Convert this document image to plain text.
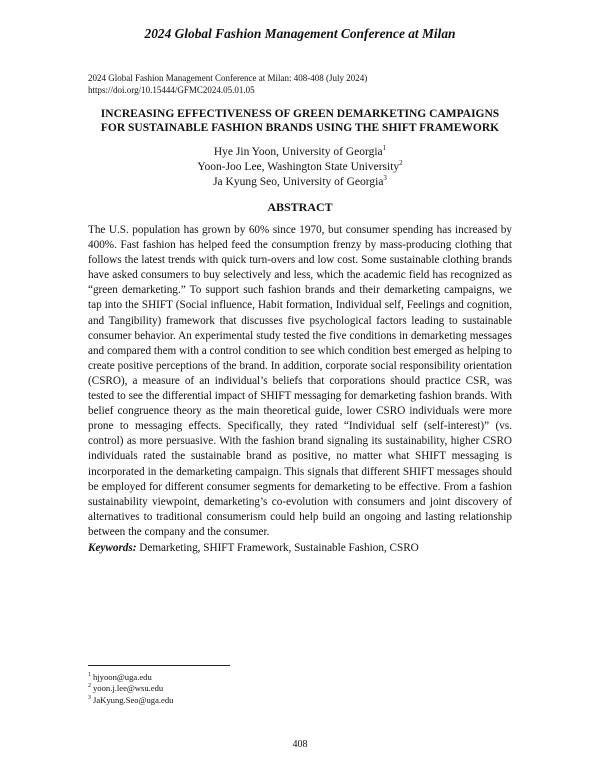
2024 Global Fashion Management Conference at Milan
2024 Global Fashion Management Conference at Milan: 408-408 (July 2024)
https://doi.org/10.15444/GFMC2024.05.01.05
INCREASING EFFECTIVENESS OF GREEN DEMARKETING CAMPAIGNS
FOR SUSTAINABLE FASHION BRANDS USING THE SHIFT FRAMEWORK
Hye Jin Yoon, University of Georgia$^1$
Yoon-Joo Lee, Washington State University$^2$
Ja Kyung Seo, University of Georgia$^3$
ABSTRACT
The U.S. population has grown by 60% since 1970, but consumer spending has increased by 400%. Fast fashion has helped feed the consumption frenzy by mass-producing clothing that follows the latest trends with quick turn-overs and low cost. Some sustainable clothing brands have asked consumers to buy selectively and less, which the academic field has recognized as “green demarketing.” To support such fashion brands and their demarketing campaigns, we tap into the SHIFT (Social influence, Habit formation, Individual self, Feelings and cognition, and Tangibility) framework that discusses five psychological factors leading to sustainable consumer behavior. An experimental study tested the five conditions in demarketing messages and compared them with a control condition to see which condition best emerged as helping to create positive perceptions of the brand. In addition, corporate social responsibility orientation (CSRO), a measure of an individual’s beliefs that corporations should practice CSR, was tested to see the differential impact of SHIFT messaging for demarketing fashion brands. With belief congruence theory as the main theoretical guide, lower CSRO individuals were more prone to messaging effects. Specifically, they rated “Individual self (self-interest)” (vs. control) as more persuasive. With the fashion brand signaling its sustainability, higher CSRO individuals rated the sustainable brand as positive, no matter what SHIFT messaging is incorporated in the demarketing campaign. This signals that different SHIFT messages should be employed for different consumer segments for demarketing to be effective. From a fashion sustainability viewpoint, demarketing’s co-evolution with consumers and joint discovery of alternatives to traditional consumerism could help build an ongoing and lasting relationship between the company and the consumer.
Keywords: Demarketing, SHIFT Framework, Sustainable Fashion, CSRO
$^1$ hjyoon@uga.edu
$^2$ yoon.j.lee@wsu.edu
$^3$ JaKyung.Seo@uga.edu
408
